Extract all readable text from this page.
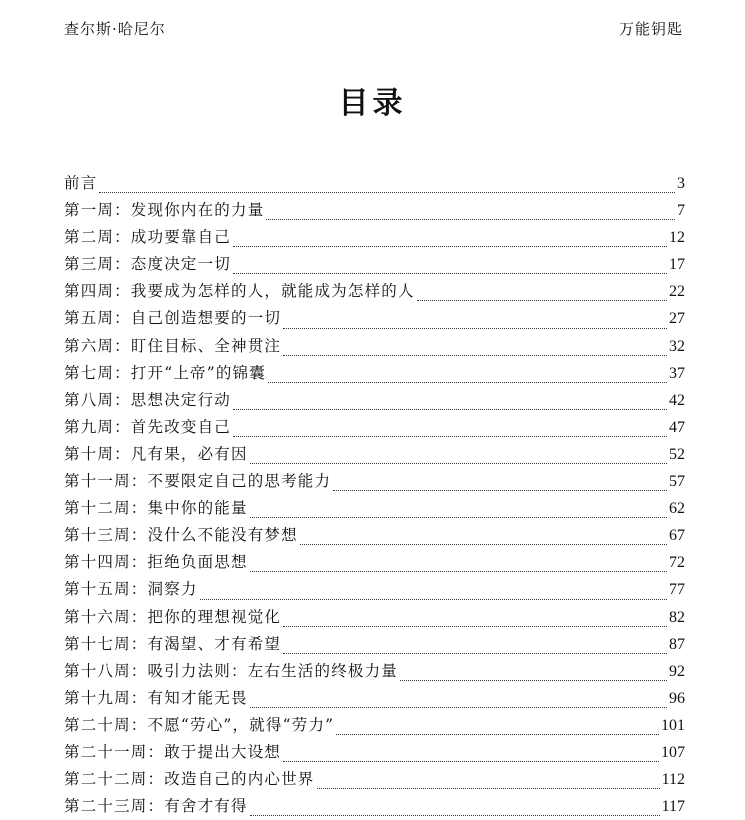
查尔斯·哈尼尔	万能钥匙
目录
前言	3
第一周：发现你内在的力量	7
第二周：成功要靠自己	12
第三周：态度决定一切	17
第四周：我要成为怎样的人，就能成为怎样的人	22
第五周：自己创造想要的一切	27
第六周：盯住目标、全神贯注	32
第七周：打开“上帝”的锦囊	37
第八周：思想决定行动	42
第九周：首先改变自己	47
第十周：凡有果，必有因	52
第十一周：不要限定自己的思考能力	57
第十二周：集中你的能量	62
第十三周：没什么不能没有梦想	67
第十四周：拒绝负面思想	72
第十五周：洞察力	77
第十六周：把你的理想视觉化	82
第十七周：有渴望、才有希望	87
第十八周：吸引力法则：左右生活的终极力量	92
第十九周：有知才能无畏	96
第二十周：不愿“劳心”，就得“劳力”	101
第二十一周：敢于提出大设想	107
第二十二周：改造自己的内心世界	112
第二十三周：有舍才有得	117
